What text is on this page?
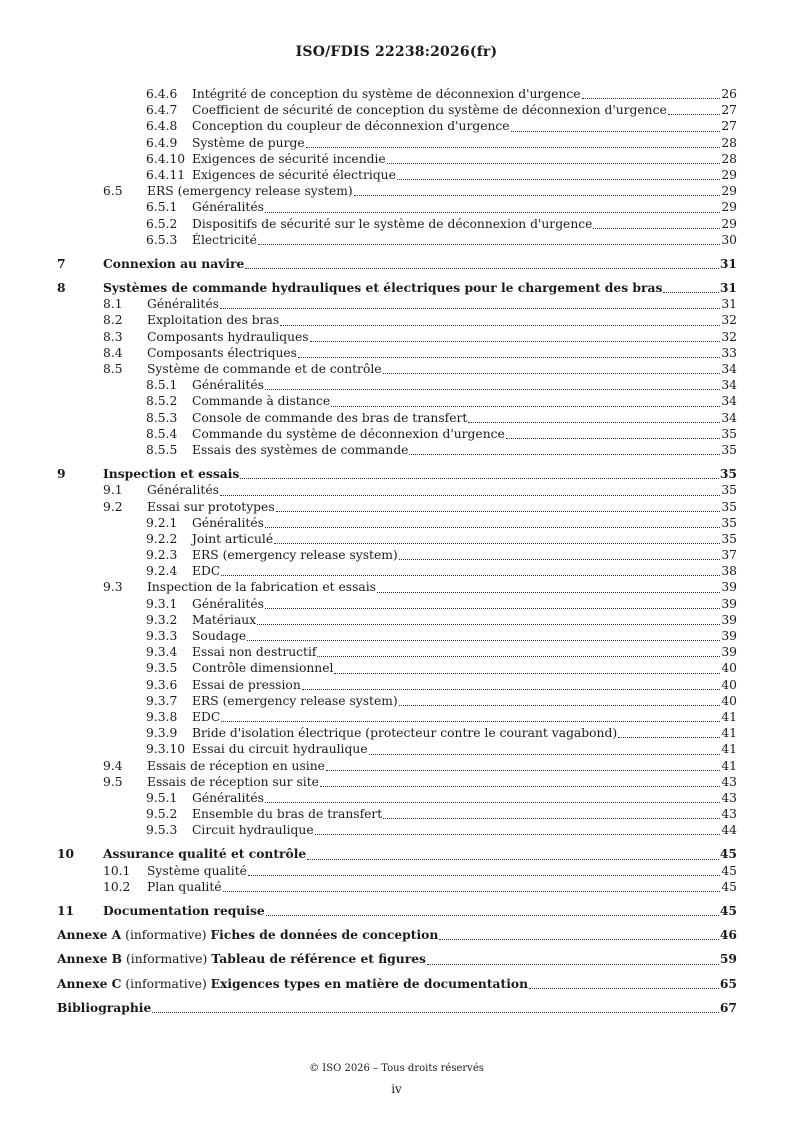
ISO/FDIS 22238:2026(fr)
6.4.6 Intégrité de conception du système de déconnexion d'urgence	26
6.4.7 Coefficient de sécurité de conception du système de déconnexion d'urgence	27
6.4.8 Conception du coupleur de déconnexion d'urgence	27
6.4.9 Système de purge	28
6.4.10 Exigences de sécurité incendie	28
6.4.11 Exigences de sécurité électrique	29
6.5 ERS (emergency release system)	29
6.5.1 Généralités	29
6.5.2 Dispositifs de sécurité sur le système de déconnexion d'urgence	29
6.5.3 Électricité	30
7	Connexion au navire	31
8	Systèmes de commande hydrauliques et électriques pour le chargement des bras	31
8.1 Généralités	31
8.2 Exploitation des bras	32
8.3 Composants hydrauliques	32
8.4 Composants électriques	33
8.5 Système de commande et de contrôle	34
8.5.1 Généralités	34
8.5.2 Commande à distance	34
8.5.3 Console de commande des bras de transfert	34
8.5.4 Commande du système de déconnexion d'urgence	35
8.5.5 Essais des systèmes de commande	35
9	Inspection et essais	35
9.1 Généralités	35
9.2 Essai sur prototypes	35
9.2.1 Généralités	35
9.2.2 Joint articulé	35
9.2.3 ERS (emergency release system)	37
9.2.4 EDC	38
9.3 Inspection de la fabrication et essais	39
9.3.1 Généralités	39
9.3.2 Matériaux	39
9.3.3 Soudage	39
9.3.4 Essai non destructif	39
9.3.5 Contrôle dimensionnel	40
9.3.6 Essai de pression	40
9.3.7 ERS (emergency release system)	40
9.3.8 EDC	41
9.3.9 Bride d'isolation électrique (protecteur contre le courant vagabond)	41
9.3.10 Essai du circuit hydraulique	41
9.4 Essais de réception en usine	41
9.5 Essais de réception sur site	43
9.5.1 Généralités	43
9.5.2 Ensemble du bras de transfert	43
9.5.3 Circuit hydraulique	44
10 Assurance qualité et contrôle	45
10.1 Système qualité	45
10.2 Plan qualité	45
11 Documentation requise	45
Annexe A (informative) Fiches de données de conception	46
Annexe B (informative) Tableau de référence et figures	59
Annexe C (informative) Exigences types en matière de documentation	65
Bibliographie	67
© ISO 2026 – Tous droits réservés
iv
